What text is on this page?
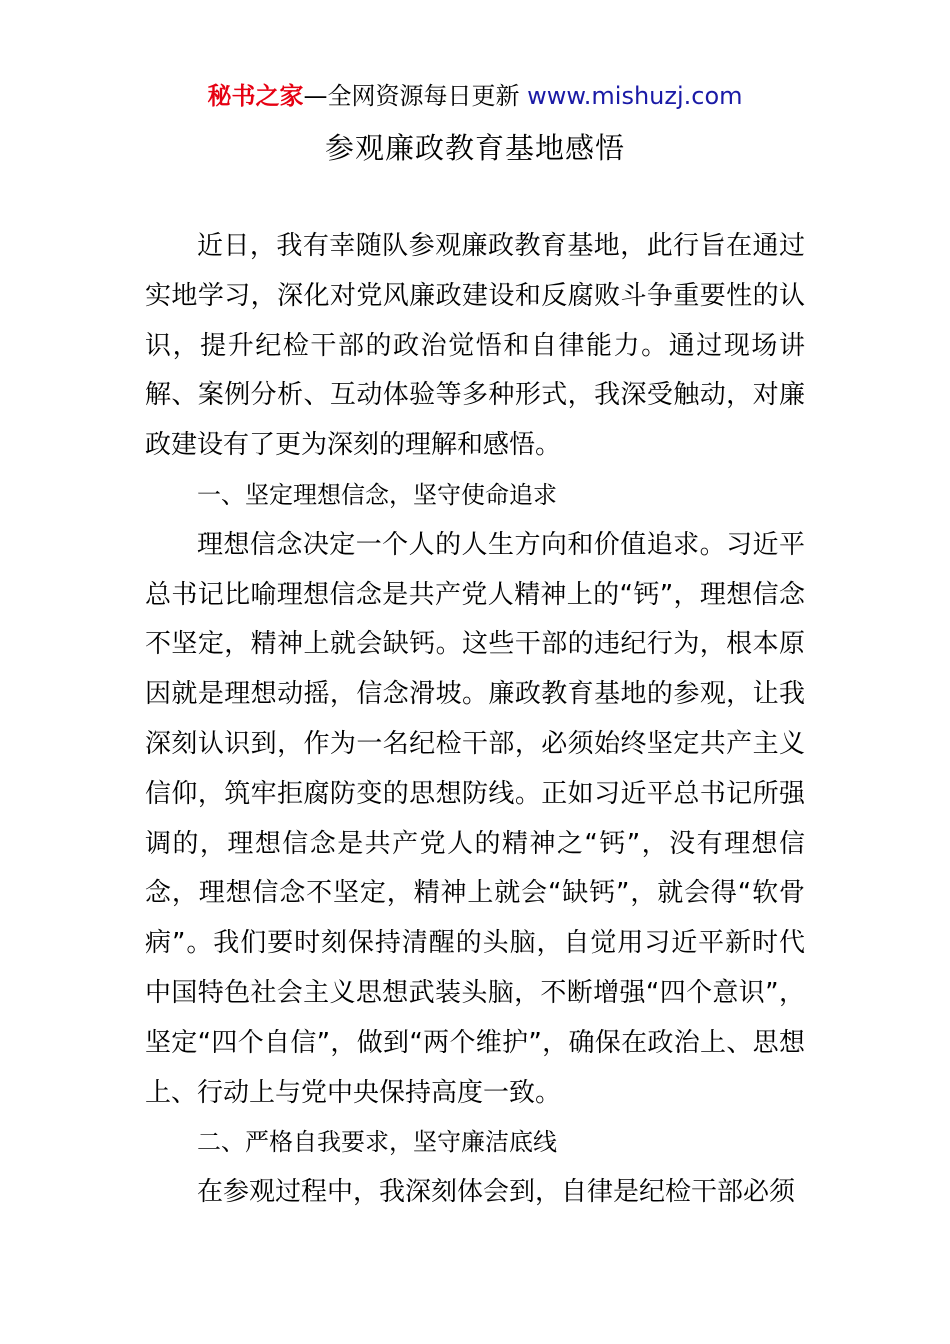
秘书之家—全网资源每日更新 www.mishuzj.com
参观廉政教育基地感悟

近日，我有幸随队参观廉政教育基地，此行旨在通过实地学习，深化对党风廉政建设和反腐败斗争重要性的认识，提升纪检干部的政治觉悟和自律能力。通过现场讲解、案例分析、互动体验等多种形式，我深受触动，对廉政建设有了更为深刻的理解和感悟。

一、坚定理想信念，坚守使命追求

理想信念决定一个人的人生方向和价值追求。习近平总书记比喻理想信念是共产党人精神上的“钙”，理想信念不坚定，精神上就会缺钙。这些干部的违纪行为，根本原因就是理想动摇，信念滑坡。廉政教育基地的参观，让我深刻认识到，作为一名纪检干部，必须始终坚定共产主义信仰，筑牢拒腐防变的思想防线。正如习近平总书记所强调的，理想信念是共产党人的精神之“钙”，没有理想信念，理想信念不坚定，精神上就会“缺钙”，就会得“软骨病”。我们要时刻保持清醒的头脑，自觉用习近平新时代中国特色社会主义思想武装头脑，不断增强“四个意识”，坚定“四个自信”，做到“两个维护”，确保在政治上、思想上、行动上与党中央保持高度一致。

二、严格自我要求，坚守廉洁底线

在参观过程中，我深刻体会到，自律是纪检干部必须
